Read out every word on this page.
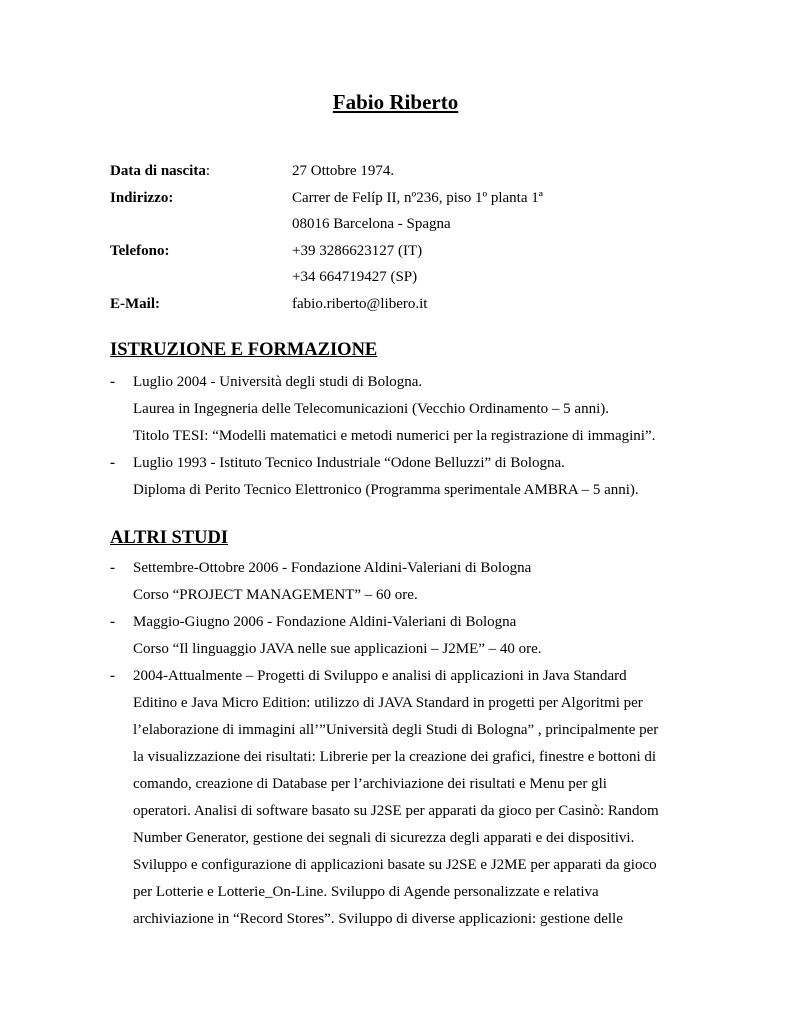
Fabio Riberto
Data di nascita:	27 Ottobre 1974.
Indirizzo:	Carrer de Felíp II, nº236, piso 1º planta 1ª
08016 Barcelona - Spagna
Telefono:	+39 3286623127 (IT)
+34 664719427 (SP)
E-Mail:	fabio.riberto@libero.it
ISTRUZIONE E FORMAZIONE
- Luglio 2004 - Università degli studi di Bologna.
Laurea in Ingegneria delle Telecomunicazioni (Vecchio Ordinamento – 5 anni).
Titolo TESI: “Modelli matematici e metodi numerici per la registrazione di immagini”.
- Luglio 1993 - Istituto Tecnico Industriale “Odone Belluzzi” di Bologna.
Diploma di Perito Tecnico Elettronico (Programma sperimentale AMBRA – 5 anni).
ALTRI STUDI
- Settembre-Ottobre 2006 - Fondazione Aldini-Valeriani di Bologna
Corso “PROJECT MANAGEMENT” – 60 ore.
- Maggio-Giugno 2006 - Fondazione Aldini-Valeriani di Bologna
Corso “Il linguaggio JAVA nelle sue applicazioni – J2ME” – 40 ore.
- 2004-Attualmente – Progetti di Sviluppo e analisi di applicazioni in Java Standard
Editino e Java Micro Edition: utilizzo di JAVA Standard in progetti per Algoritmi per
l’elaborazione di immagini all’”Università degli Studi di Bologna” , principalmente per
la visualizzazione dei risultati: Librerie per la creazione dei grafici, finestre e bottoni di
comando, creazione di Database per l’archiviazione dei risultati e Menu per gli
operatori. Analisi di software basato su J2SE per apparati da gioco per Casinò: Random
Number Generator, gestione dei segnali di sicurezza degli apparati e dei dispositivi.
Sviluppo e configurazione di applicazioni basate su J2SE e J2ME per apparati da gioco
per Lotterie e Lotterie_On-Line. Sviluppo di Agende personalizzate e relativa
archiviazione in “Record Stores”. Sviluppo di diverse applicazioni: gestione delle
